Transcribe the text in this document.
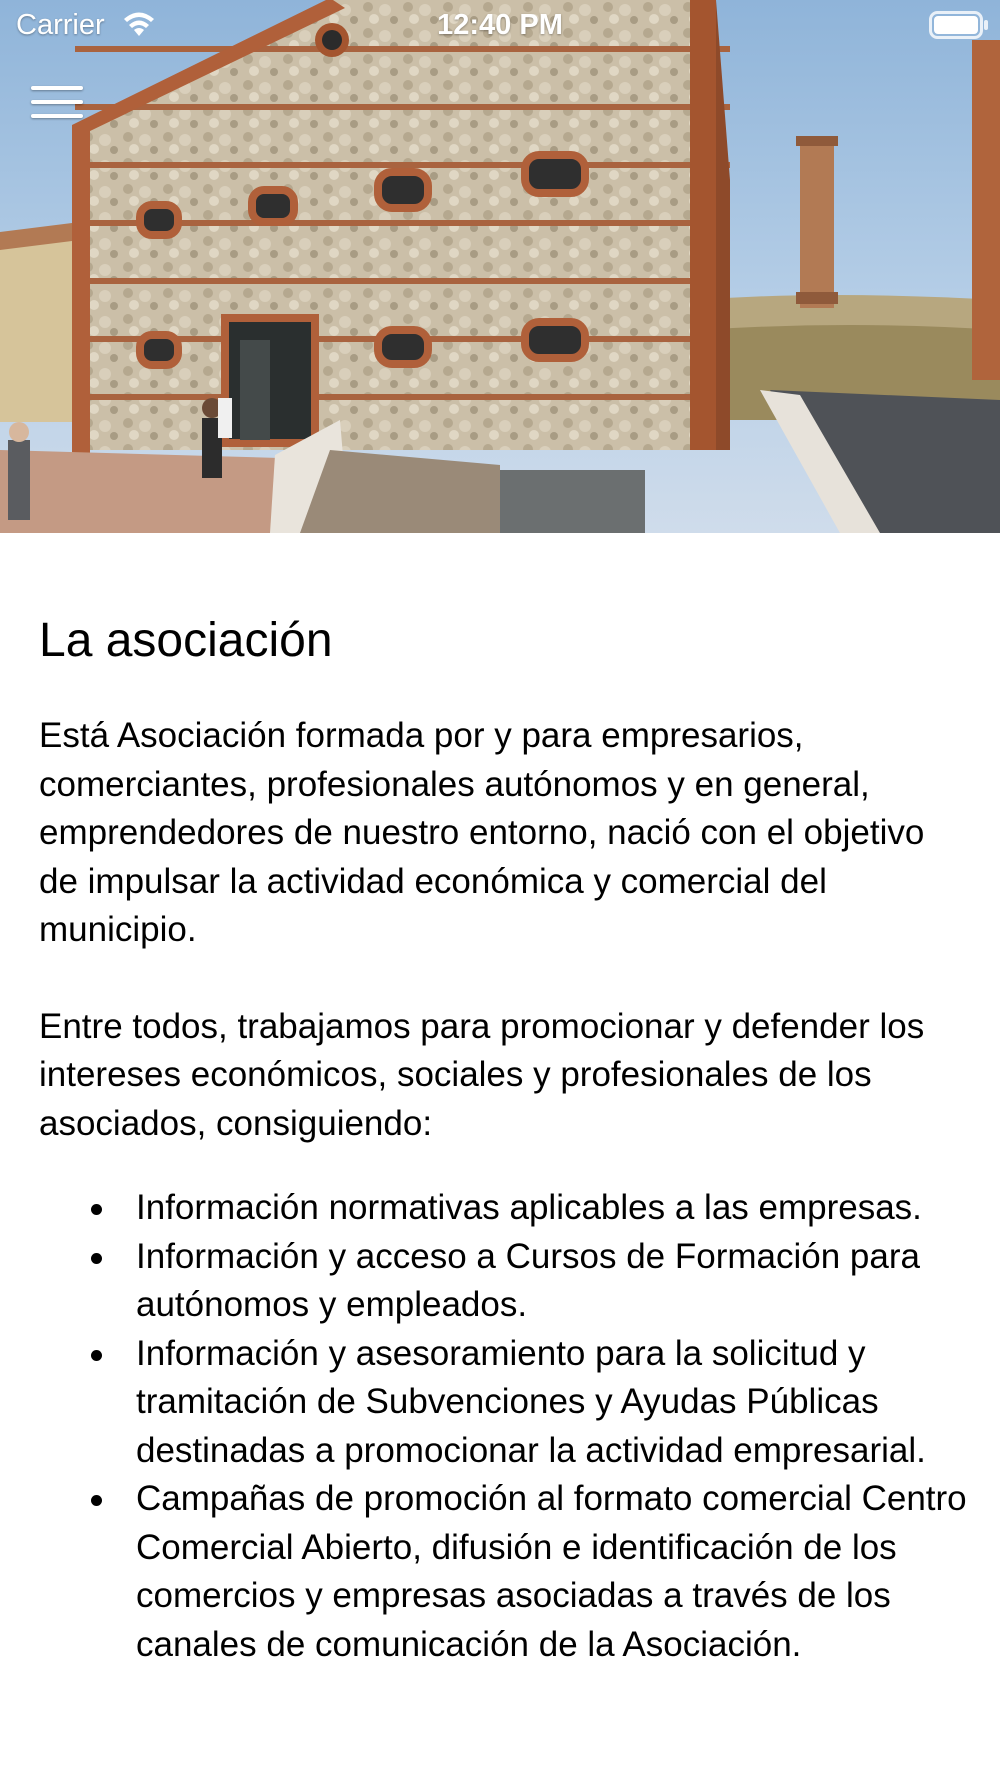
Carrier	12:40 PM
La asociación

Está Asociación formada por y para empresarios, comerciantes, profesionales autónomos y en general, emprendedores de nuestro entorno, nació con el objetivo de impulsar la actividad económica y comercial del municipio.

Entre todos, trabajamos para promocionar y defender los intereses económicos, sociales y profesionales de los asociados, consiguiendo:

Información normativas aplicables a las empresas.
Información y acceso a Cursos de Formación para autónomos y empleados.
Información y asesoramiento para la solicitud y tramitación de Subvenciones y Ayudas Públicas destinadas a promocionar la actividad empresarial.
Campañas de promoción al formato comercial Centro Comercial Abierto, difusión e identificación de los comercios y empresas asociadas a través de los canales de comunicación de la Asociación.
